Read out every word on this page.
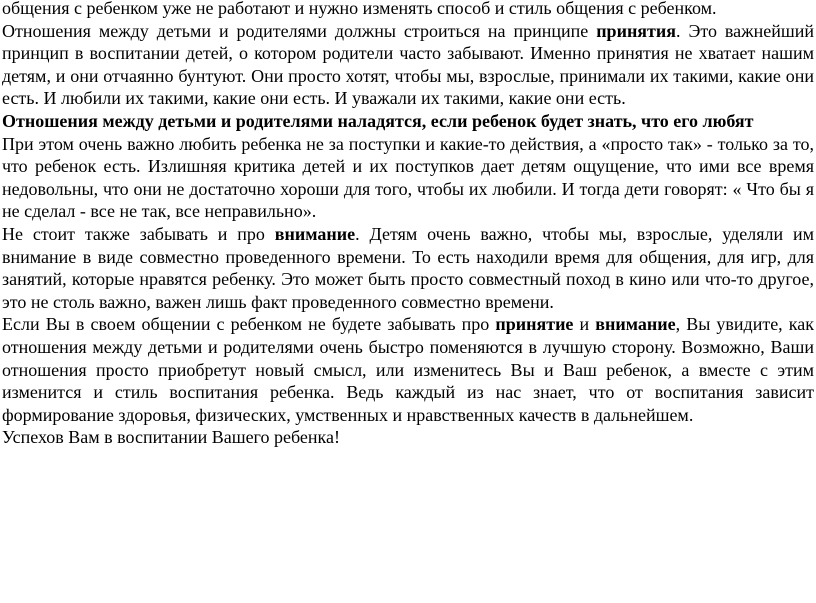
общения с ребенком уже не работают и нужно изменять способ и стиль общения с ребенком.

Отношения между детьми и родителями должны строиться на принципе принятия. Это важнейший принцип в воспитании детей, о котором родители часто забывают. Именно принятия не хватает нашим детям, и они отчаянно бунтуют. Они просто хотят, чтобы мы, взрослые, принимали их такими, какие они есть. И любили их такими, какие они есть. И уважали их такими, какие они есть.

Отношения между детьми и родителями наладятся, если ребенок будет знать, что его любят

При этом очень важно любить ребенка не за поступки и какие-то действия, а «просто так» - только за то, что ребенок есть. Излишняя критика детей и их поступков дает детям ощущение, что ими все время недовольны, что они не достаточно хороши для того, чтобы их любили. И тогда дети говорят: « Что бы я не сделал - все не так, все неправильно».

Не стоит также забывать и про внимание. Детям очень важно, чтобы мы, взрослые, уделяли им внимание в виде совместно проведенного времени. То есть находили время для общения, для игр, для занятий, которые нравятся ребенку. Это может быть просто совместный поход в кино или что-то другое, это не столь важно, важен лишь факт проведенного совместно времени.

Если Вы в своем общении с ребенком не будете забывать про принятие и внимание, Вы увидите, как отношения между детьми и родителями очень быстро поменяются в лучшую сторону. Возможно, Ваши отношения просто приобретут новый смысл, или изменитесь Вы и Ваш ребенок, а вместе с этим изменится и стиль воспитания ребенка. Ведь каждый из нас знает, что от воспитания зависит формирование здоровья, физических, умственных и нравственных качеств в дальнейшем.

Успехов Вам в воспитании Вашего ребенка!
